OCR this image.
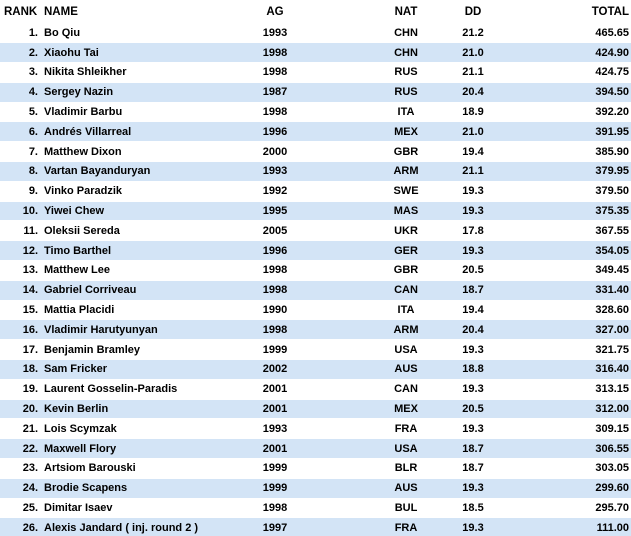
RANK	NAME	AG		NAT	DD		TOTAL
1.	Bo Qiu	1993		CHN	21.2		465.65
2.	Xiaohu Tai	1998		CHN	21.0		424.90
3.	Nikita Shleikher	1998		RUS	21.1		424.75
4.	Sergey Nazin	1987		RUS	20.4		394.50
5.	Vladimir Barbu	1998		ITA	18.9		392.20
6.	Andrés Villarreal	1996		MEX	21.0		391.95
7.	Matthew Dixon	2000		GBR	19.4		385.90
8.	Vartan Bayanduryan	1993		ARM	21.1		379.95
9.	Vinko Paradzik	1992		SWE	19.3		379.50
10.	Yiwei Chew	1995		MAS	19.3		375.35
11.	Oleksii Sereda	2005		UKR	17.8		367.55
12.	Timo Barthel	1996		GER	19.3		354.05
13.	Matthew Lee	1998		GBR	20.5		349.45
14.	Gabriel Corriveau	1998		CAN	18.7		331.40
15.	Mattia Placidi	1990		ITA	19.4		328.60
16.	Vladimir Harutyunyan	1998		ARM	20.4		327.00
17.	Benjamin Bramley	1999		USA	19.3		321.75
18.	Sam Fricker	2002		AUS	18.8		316.40
19.	Laurent Gosselin-Paradis	2001		CAN	19.3		313.15
20.	Kevin Berlin	2001		MEX	20.5		312.00
21.	Lois Scymzak	1993		FRA	19.3		309.15
22.	Maxwell Flory	2001		USA	18.7		306.55
23.	Artsiom Barouski	1999		BLR	18.7		303.05
24.	Brodie Scapens	1999		AUS	19.3		299.60
25.	Dimitar Isaev	1998		BUL	18.5		295.70
26.	Alexis Jandard ( inj. round 2 )	1997		FRA	19.3		111.00
